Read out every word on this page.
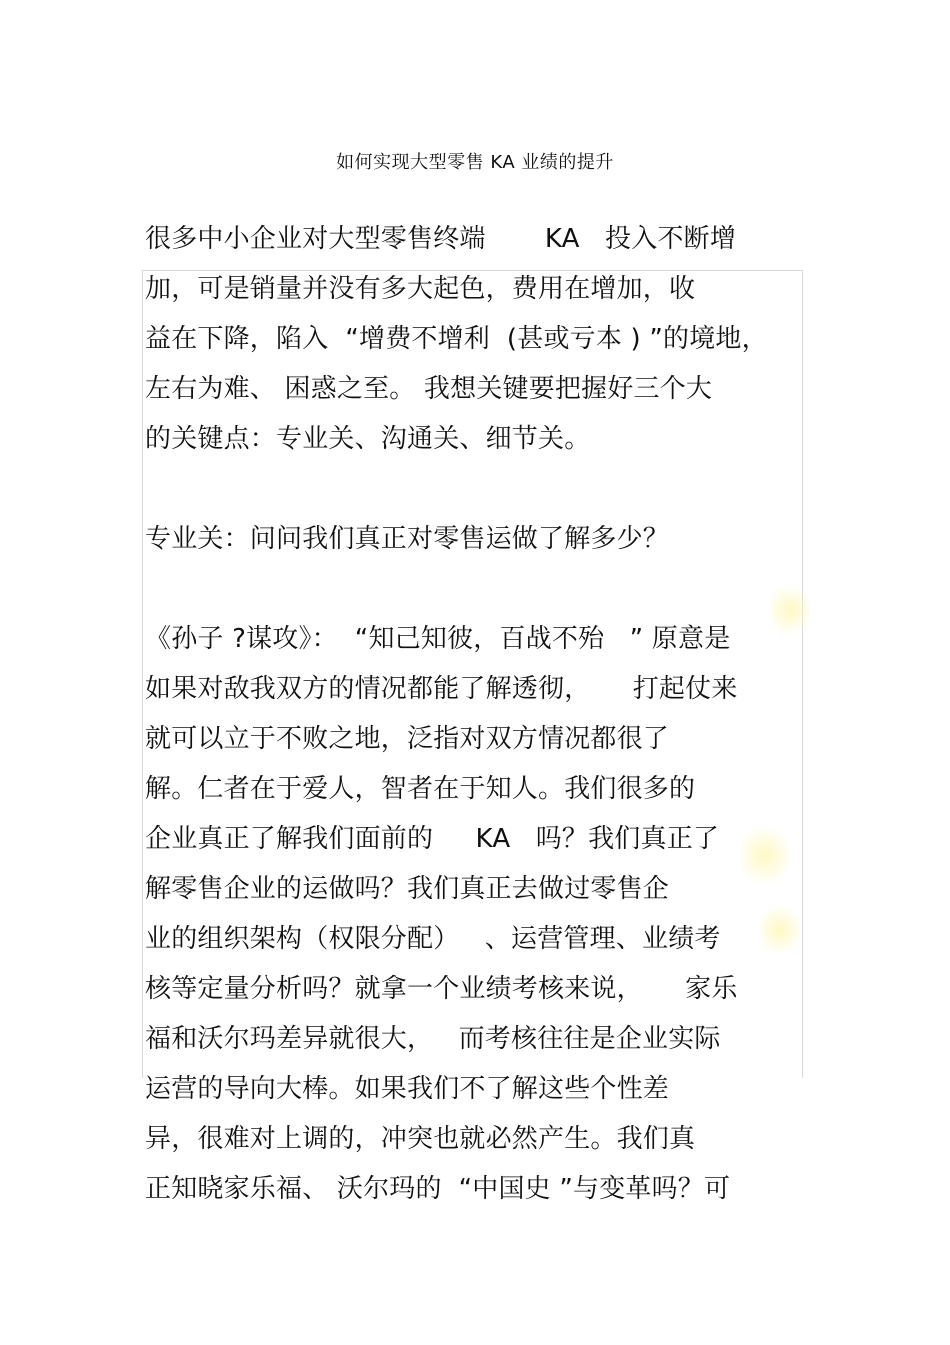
如何实现大型零售 KA 业绩的提升
很多中小企业对大型零售终端       KA   投入不断增
加，可是销量并没有多大起色，费用在增加，收
益在下降，陷入  “增费不增利  (甚或亏本 ) ”的境地，
左右为难、 困惑之至。 我想关键要把握好三个大
的关键点：专业关、沟通关、细节关。
专业关：问问我们真正对零售运做了解多少？
《孙子 ?谋攻》：  “知己知彼，百战不殆   ” 原意是
如果对敌我双方的情况都能了解透彻，     打起仗来
就可以立于不败之地，泛指对双方情况都很了
解。仁者在于爱人，智者在于知人。我们很多的
企业真正了解我们面前的     KA   吗？我们真正了
解零售企业的运做吗？我们真正去做过零售企
业的组织架构（权限分配）   、运营管理、业绩考
核等定量分析吗？就拿一个业绩考核来说，     家乐
福和沃尔玛差异就很大，   而考核往往是企业实际
运营的导向大棒。如果我们不了解这些个性差
异，很难对上调的，冲突也就必然产生。我们真
正知晓家乐福、 沃尔玛的  “中国史 ”与变革吗？可
